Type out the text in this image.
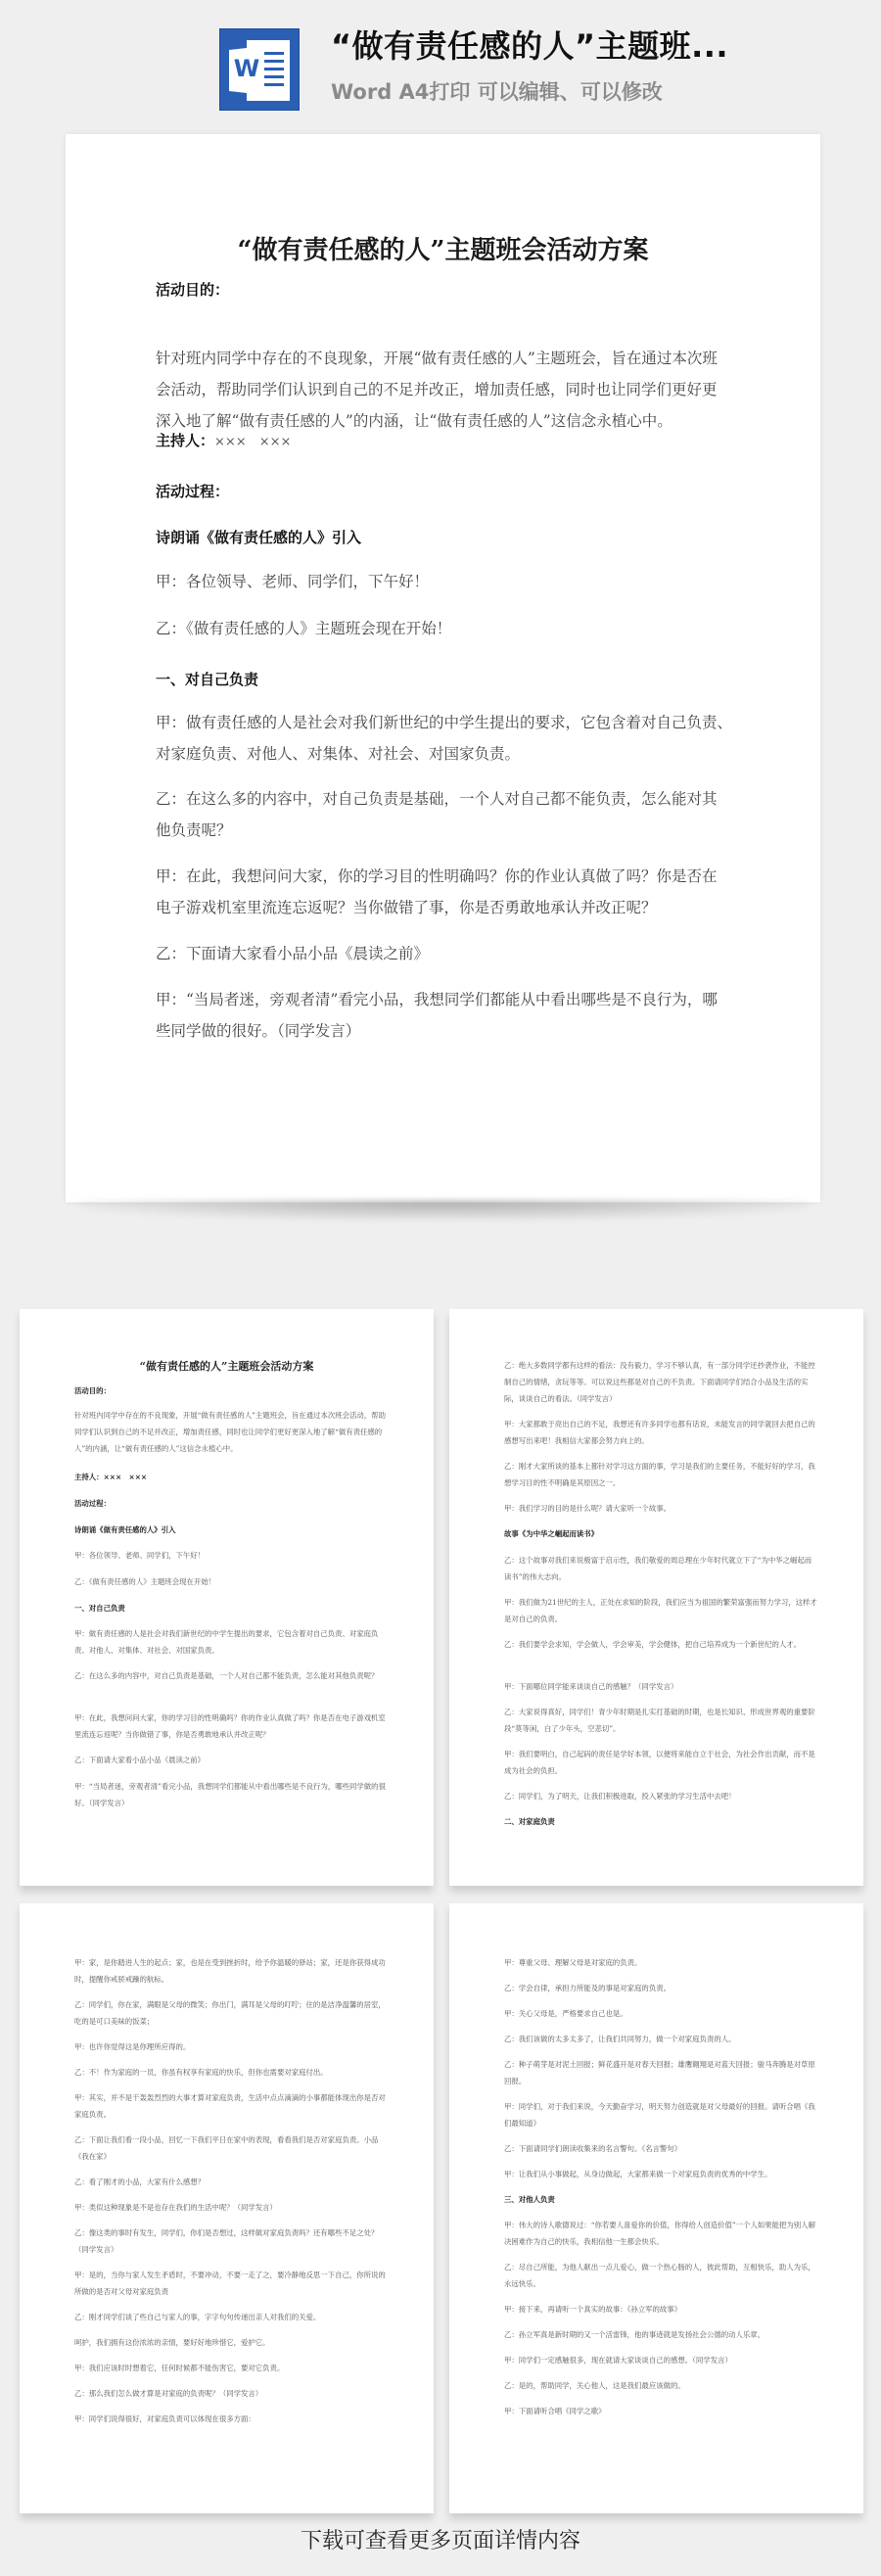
W
“做有责任感的人”主题班...
Word A4打印 可以编辑、可以修改
“做有责任感的人”主题班会活动方案
活动目的：
针对班内同学中存在的不良现象，开展“做有责任感的人”主题班会，旨在通过本次班
会活动，帮助同学们认识到自己的不足并改正，增加责任感，同时也让同学们更好更
深入地了解“做有责任感的人”的内涵，让“做有责任感的人”这信念永植心中。
主持人：×××　×××
活动过程：
诗朗诵《做有责任感的人》引入
甲：各位领导、老师、同学们，下午好！
乙：《做有责任感的人》主题班会现在开始！
一、对自己负责
甲：做有责任感的人是社会对我们新世纪的中学生提出的要求，它包含着对自己负责、
对家庭负责、对他人、对集体、对社会、对国家负责。
乙：在这么多的内容中，对自己负责是基础，一个人对自己都不能负责，怎么能对其
他负责呢？
甲：在此，我想问问大家，你的学习目的性明确吗？你的作业认真做了吗？你是否在
电子游戏机室里流连忘返呢？当你做错了事，你是否勇敢地承认并改正呢？
乙：下面请大家看小品小品《晨读之前》
甲：“当局者迷，旁观者清”看完小品，我想同学们都能从中看出哪些是不良行为，哪
些同学做的很好。（同学发言）
“做有责任感的人”主题班会活动方案
活动目的：
针对班内同学中存在的不良现象，开展“做有责任感的人”主题班会，旨在通过本次班会活动，帮助同学们认识到自己的不足并改正，增加责任感，同时也让同学们更好更深入地了解“做有责任感的人”的内涵，让“做有责任感的人”这信念永植心中。
主持人：×××　×××
活动过程：
诗朗诵《做有责任感的人》引入
甲：各位领导、老师、同学们，下午好！
乙：《做有责任感的人》主题班会现在开始！
一、对自己负责
甲：做有责任感的人是社会对我们新世纪的中学生提出的要求，它包含着对自己负责、对家庭负责、对他人、对集体、对社会、对国家负责。
乙：在这么多的内容中，对自己负责是基础，一个人对自己都不能负责，怎么能对其他负责呢？
甲：在此，我想问问大家，你的学习目的性明确吗？你的作业认真做了吗？你是否在电子游戏机室里流连忘返呢？当你做错了事，你是否勇敢地承认并改正呢？
乙：下面请大家看小品小品《晨读之前》
甲：“当局者迷，旁观者清”看完小品，我想同学们都能从中看出哪些是不良行为，哪些同学做的很好。（同学发言）
乙：绝大多数同学都有这样的看法：没有毅力，学习不够认真，有一部分同学还抄袭作业，不能控制自己的情绪，贪玩等等。可以说这些都是对自己的不负责。下面请同学们结合小品及生活的实际，谈谈自己的看法。（同学发言）
甲：大家都敢于亮出自己的不足，我想还有许多同学也都有话说，未能发言的同学就回去把自己的感想写出来吧！我相信大家都会努力向上的。
乙：刚才大家所谈的基本上都针对学习这方面的事，学习是我们的主要任务，不能好好的学习，我想学习目的性不明确是其原因之一。
甲：我们学习的目的是什么呢？请大家听一个故事。
故事《为中华之崛起而读书》
乙：这个故事对我们来说极富于启示性，我们敬爱的周总理在少年时代就立下了“为中华之崛起而读书”的伟大志向。
甲：我们做为21世纪的主人，正处在求知的阶段，我们应当为祖国的繁荣富强而努力学习，这样才是对自己的负责。
乙：我们要学会求知，学会做人，学会审美，学会健体，把自己培养成为一个新世纪的人才。
甲：下面哪位同学能来谈谈自己的感触？（同学发言）
乙：大家说得真好，同学们！青少年时期是扎实打基础的时期，也是长知识、形成世界观的重要阶段“莫等闲，白了少年头，空悲切”。
甲：我们要明白，自己起码的责任是学好本领，以便将来能自立于社会，为社会作出贡献，而不是成为社会的负担。
乙：同学们，为了明天，让我们积极进取，投入紧张的学习生活中去吧！
二、对家庭负责
甲：家，是你踏进人生的起点；家，也是在受到挫折时，给予你温暖的驿站；家，还是你获得成功时，提醒你戒骄戒躁的航标。
乙：同学们，你在家，满眼是父母的微笑；你出门，满耳是父母的叮咛；住的是洁净温馨的居室，吃的是可口美味的饭菜；
甲：也许你觉得这是你理所应得的。
乙：不！作为家庭的一员，你虽有权享有家庭的快乐，但你也需要对家庭付出。
甲：其实，并不是干轰轰烈烈的大事才算对家庭负责，生活中点点滴滴的小事都能体现出你是否对家庭负责。
乙：下面让我们看一段小品，回忆一下我们平日在家中的表现，看看我们是否对家庭负责。小品《我在家》
乙：看了刚才的小品，大家有什么感想？
甲：类似这种现象是不是也存在我们的生活中呢？（同学发言）
乙：像这类的事时有发生，同学们，你们是否想过，这样做对家庭负责吗？还有哪些不足之处？（同学发言）
甲：是的，当你与家人发生矛盾时，不要冲动，不要一走了之，要冷静地反思一下自己，你所说的所做的是否对父母对家庭负责
乙：刚才同学们谈了些自己与家人的事，字字句句传递出亲人对我们的关爱。
呵护，我们拥有这份浓浓的亲情，要好好地珍惜它，爱护它。
甲：我们应该时时想着它，任何时候都不能伤害它，要对它负责。
乙：那么我们怎么做才算是对家庭的负责呢？（同学发言）
甲：同学们说得很好，对家庭负责可以体现在很多方面：
甲：尊重父母、理解父母是对家庭的负责。
乙：学会自律，承担力所能及的事是对家庭的负责。
甲：关心父母是，严格要求自己也是。
乙：我们该做的太多太多了，让我们共同努力，做一个对家庭负责的人。
乙：种子萌芽是对泥土回报；鲜花盛开是对春天回报；雄鹰翱翔是对蓝天回报；骏马奔腾是对草原回报。
甲：同学们，对于我们来说，今天勤奋学习，明天努力创造就是对父母最好的回报。请听合唱《我们最知道》
乙：下面请同学们朗读收集来的名言警句。《名言警句》
甲：让我们从小事做起，从身边做起，大家都来做一个对家庭负责的优秀的中学生。
三、对他人负责
甲：伟大的诗人歌德说过：“你若要人喜爱你的价值，你得给人创造价值”一个人如果能把为别人解决困难作为自己的快乐，我相信他一生都会快乐。
乙：尽自己所能，为他人献出一点儿爱心，做一个热心肠的人，彼此帮助，互相快乐，助人为乐，永远快乐。
甲：接下来，再请听一个真实的故事：《孙立军的故事》
乙：孙立军真是新时期的又一个活雷锋，他的事迹就是发扬社会公德的动人乐章。
甲：同学们一定感触很多，现在就请大家谈谈自己的感想。（同学发言）
乙：是的，帮助同学，关心他人，这是我们最应该做的。
甲：下面请听合唱《同学之歌》
下载可查看更多页面详情内容
